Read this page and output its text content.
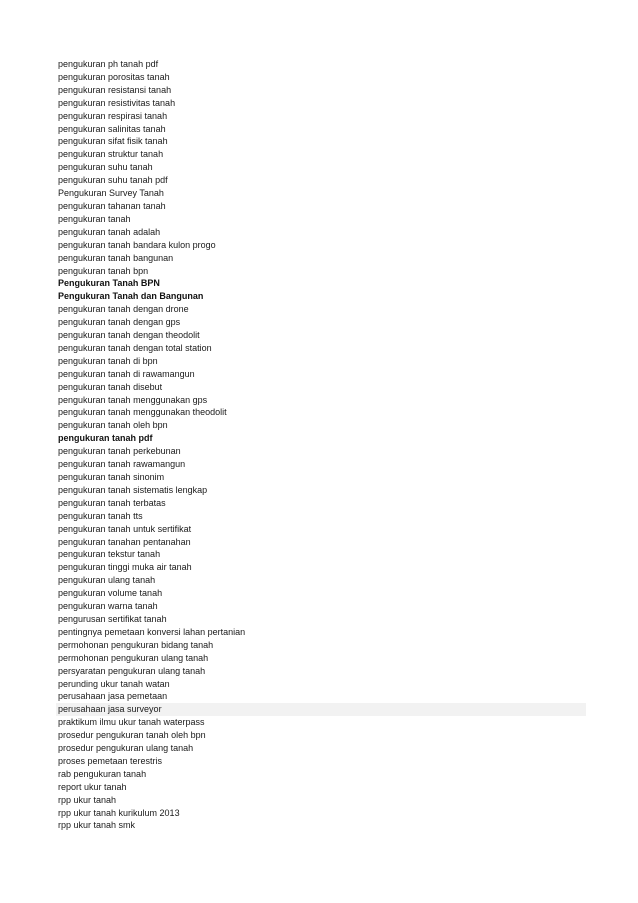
pengukuran ph tanah pdf
pengukuran porositas tanah
pengukuran resistansi tanah
pengukuran resistivitas tanah
pengukuran respirasi tanah
pengukuran salinitas tanah
pengukuran sifat fisik tanah
pengukuran struktur tanah
pengukuran suhu tanah
pengukuran suhu tanah pdf
Pengukuran Survey Tanah
pengukuran tahanan tanah
pengukuran tanah
pengukuran tanah adalah
pengukuran tanah bandara kulon progo
pengukuran tanah bangunan
pengukuran tanah bpn
Pengukuran Tanah BPN
Pengukuran Tanah dan Bangunan
pengukuran tanah dengan drone
pengukuran tanah dengan gps
pengukuran tanah dengan theodolit
pengukuran tanah dengan total station
pengukuran tanah di bpn
pengukuran tanah di rawamangun
pengukuran tanah disebut
pengukuran tanah menggunakan gps
pengukuran tanah menggunakan theodolit
pengukuran tanah oleh bpn
pengukuran tanah pdf
pengukuran tanah perkebunan
pengukuran tanah rawamangun
pengukuran tanah sinonim
pengukuran tanah sistematis lengkap
pengukuran tanah terbatas
pengukuran tanah tts
pengukuran tanah untuk sertifikat
pengukuran tanahan pentanahan
pengukuran tekstur tanah
pengukuran tinggi muka air tanah
pengukuran ulang tanah
pengukuran volume tanah
pengukuran warna tanah
pengurusan sertifikat tanah
pentingnya pemetaan konversi lahan pertanian
permohonan pengukuran bidang tanah
permohonan pengukuran ulang tanah
persyaratan pengukuran ulang tanah
perunding ukur tanah watan
perusahaan jasa pemetaan
perusahaan jasa surveyor
praktikum ilmu ukur tanah waterpass
prosedur pengukuran tanah oleh bpn
prosedur pengukuran ulang tanah
proses pemetaan terestris
rab pengukuran tanah
report ukur tanah
rpp ukur tanah
rpp ukur tanah kurikulum 2013
rpp ukur tanah smk
